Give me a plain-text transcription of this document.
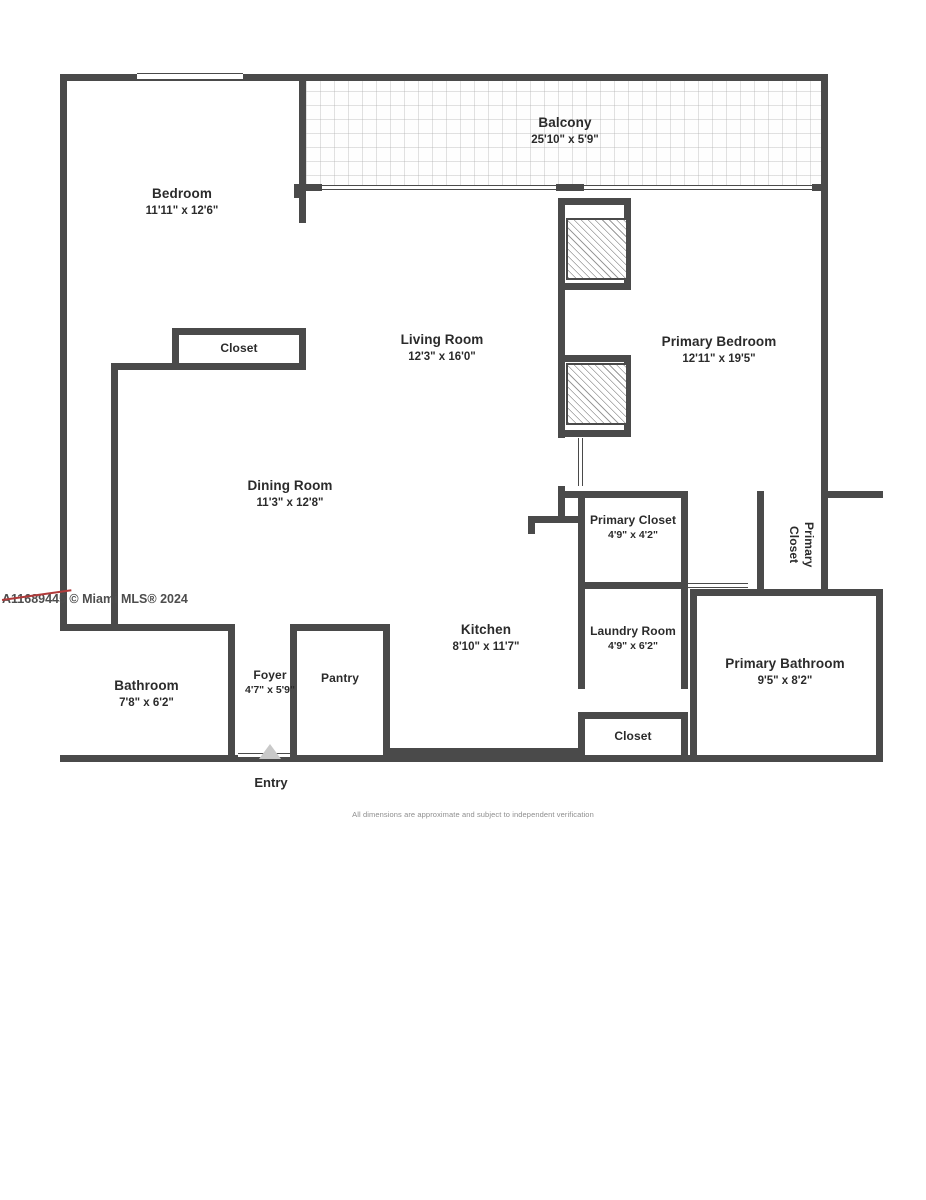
Balcony
25'10" x 5'9"
Bedroom
11'11" x 12'6"
Closet
Living Room
12'3" x 16'0"
Primary Bedroom
12'11" x 19'5"
Dining Room
11'3" x 12'8"
Primary Closet
4'9" x 4'2"	Primary Closet
Kitchen
8'10" x 11'7"
Laundry Room
4'9" x 6'2"
Primary Bathroom
9'5" x 8'2"
Bathroom
7'8" x 6'2"
Foyer
4'7" x 5'9"
Pantry
Closet
Entry
All dimensions are approximate and subject to independent verification
A11689445 © Miami MLS® 2024
